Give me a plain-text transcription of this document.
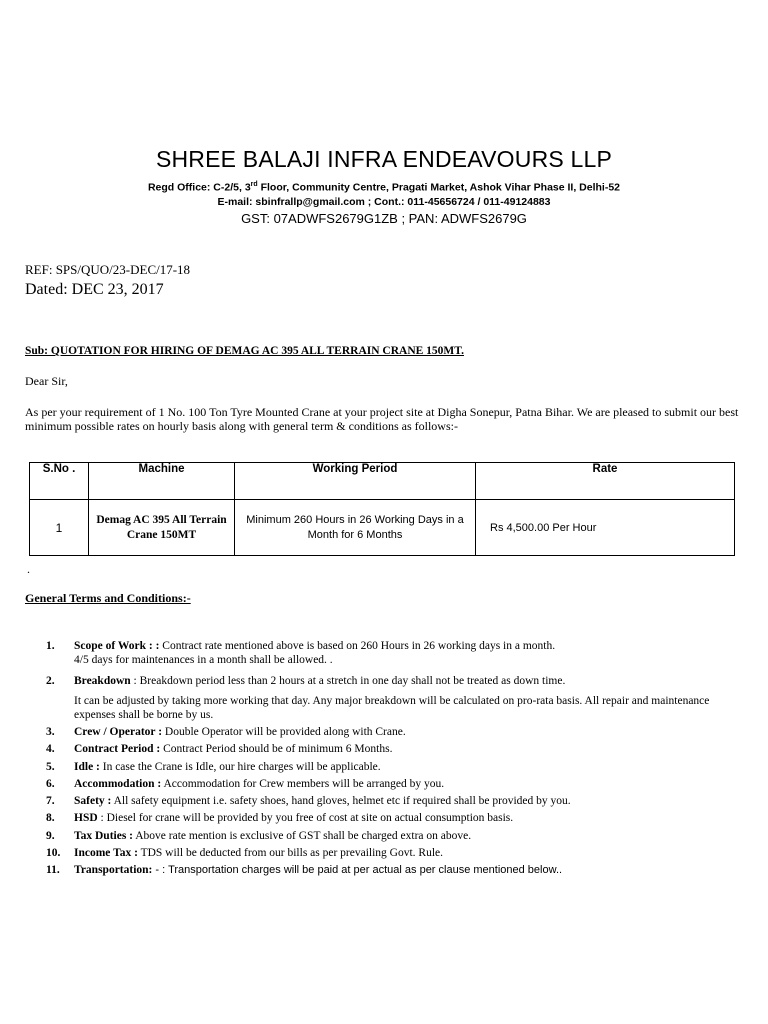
SHREE BALAJI INFRA ENDEAVOURS LLP
Regd Office: C-2/5, 3rd Floor, Community Centre, Pragati Market, Ashok Vihar Phase II, Delhi-52
E-mail: sbinfrallp@gmail.com ; Cont.: 011-45656724 / 011-49124883
GST: 07ADWFS2679G1ZB ; PAN: ADWFS2679G
REF: SPS/QUO/23-DEC/17-18
Dated: DEC 23, 2017
Sub: QUOTATION FOR HIRING OF DEMAG AC 395 ALL TERRAIN CRANE 150MT.
Dear Sir,
As per your requirement of 1 No. 100 Ton Tyre Mounted Crane at your project site at Digha Sonepur, Patna Bihar. We are pleased to submit our best minimum possible rates on hourly basis along with general term & conditions as follows:-
S.No .	Machine	Working Period	Rate
1	Demag AC 395 All Terrain Crane 150MT	Minimum 260 Hours in 26 Working Days in a Month for 6 Months	Rs 4,500.00 Per Hour
.
General Terms and Conditions:-
1.	Scope of Work : : Contract rate mentioned above is based on 260 Hours in 26 working days in a month.
4/5 days for maintenances in a month shall be allowed. .
2.	Breakdown : Breakdown period less than 2 hours at a stretch in one day shall not be treated as down time.
It can be adjusted by taking more working that day. Any major breakdown will be calculated on pro-rata basis. All repair and maintenance expenses shall be borne by us.
3.	Crew / Operator : Double Operator will be provided along with Crane.
4.	Contract Period : Contract Period should be of minimum 6 Months.
5.	Idle : In case the Crane is Idle, our hire charges will be applicable.
6.	Accommodation : Accommodation for Crew members will be arranged by you.
7.	Safety : All safety equipment i.e. safety shoes, hand gloves, helmet etc if required shall be provided by you.
8.	HSD : Diesel for crane will be provided by you free of cost at site on actual consumption basis.
9.	Tax Duties : Above rate mention is exclusive of GST shall be charged extra on above.
10.	Income Tax : TDS will be deducted from our bills as per prevailing Govt. Rule.
11.	Transportation: - : Transportation charges will be paid at per actual as per clause mentioned below..
